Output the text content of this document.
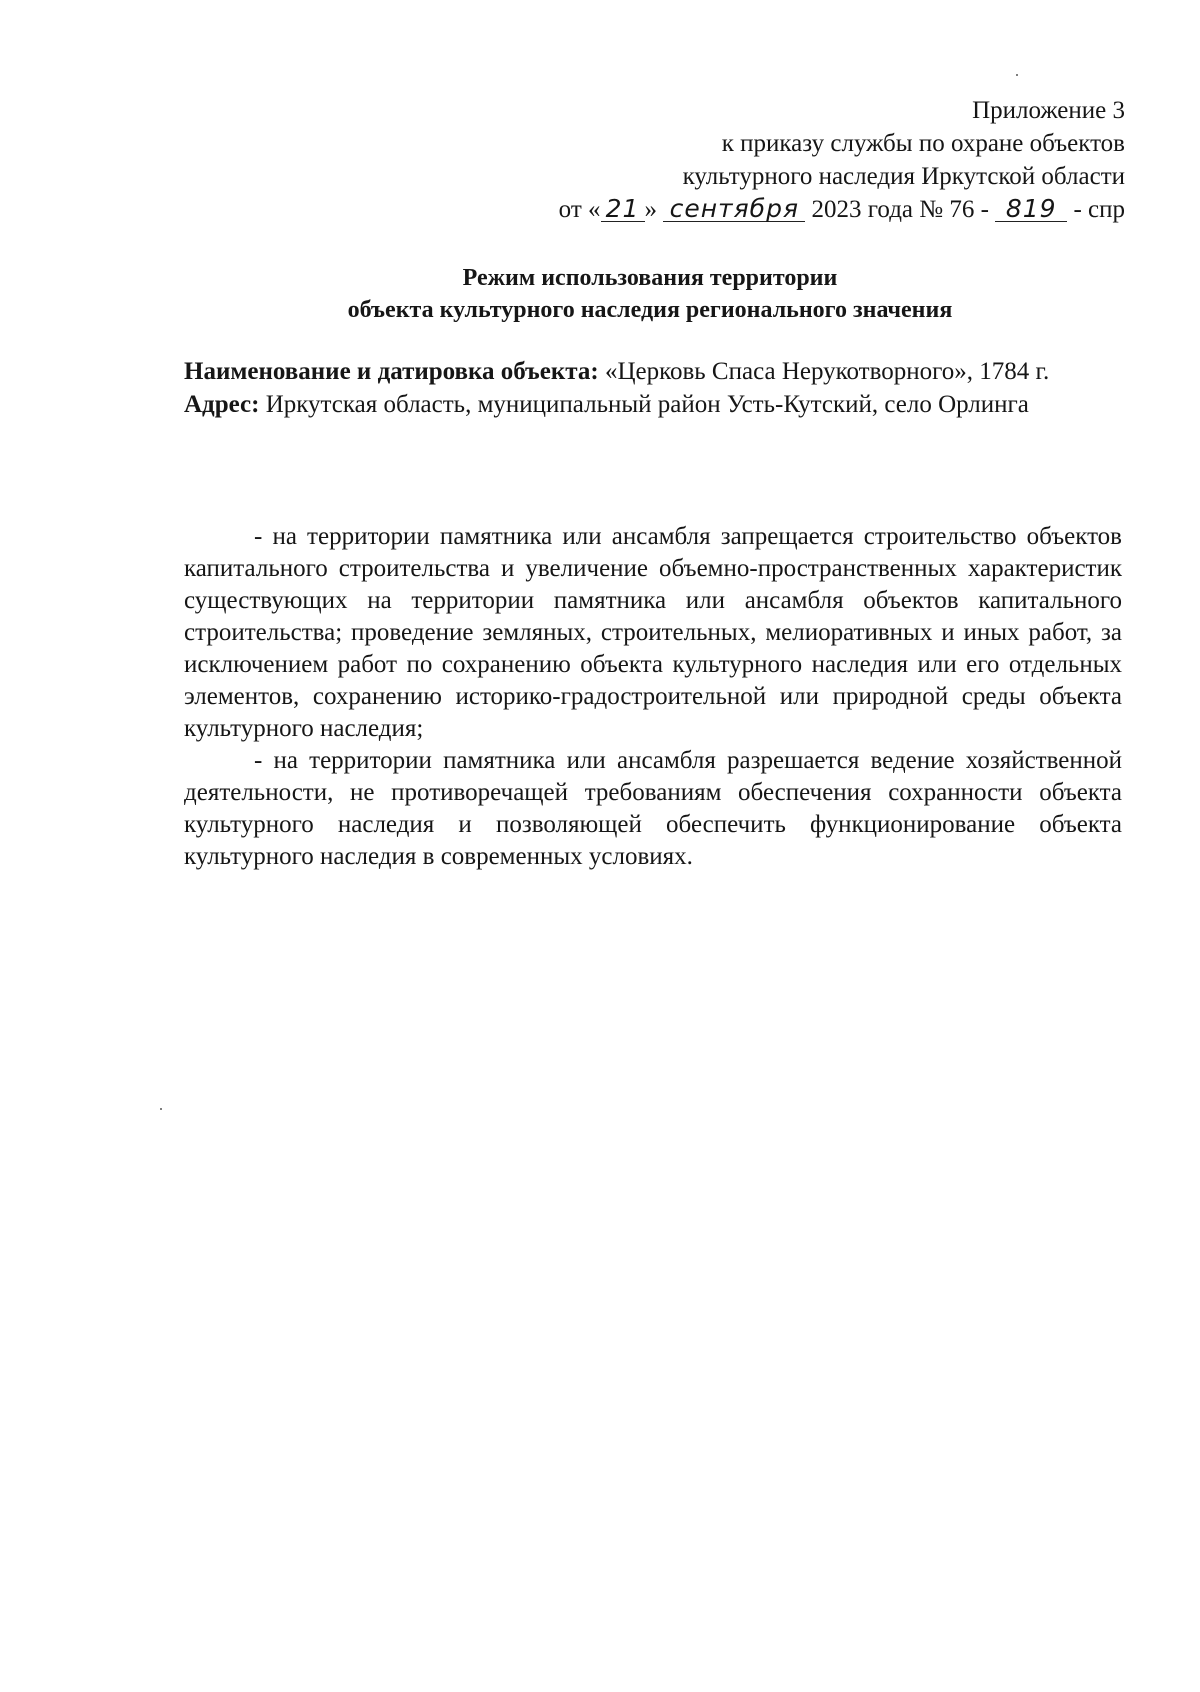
Приложение 3
к приказу службы по охране объектов
культурного наследия Иркутской области
от « 21 » сентября 2023 года № 76 - 819 - спр
Режим использования территории
объекта культурного наследия регионального значения

Наименование и датировка объекта: «Церковь Спаса Нерукотворного», 1784 г.

Адрес: Иркутская область, муниципальный район Усть-Кутский, село Орлинга

- на территории памятника или ансамбля запрещается строительство объектов капитального строительства и увеличение объемно-пространственных характеристик существующих на территории памятника или ансамбля объектов капитального строительства; проведение земляных, строительных, мелиоративных и иных работ, за исключением работ по сохранению объекта культурного наследия или его отдельных элементов, сохранению историко-градостроительной или природной среды объекта культурного наследия;

- на территории памятника или ансамбля разрешается ведение хозяйственной деятельности, не противоречащей требованиям обеспечения сохранности объекта культурного наследия и позволяющей обеспечить функционирование объекта культурного наследия в современных условиях.
